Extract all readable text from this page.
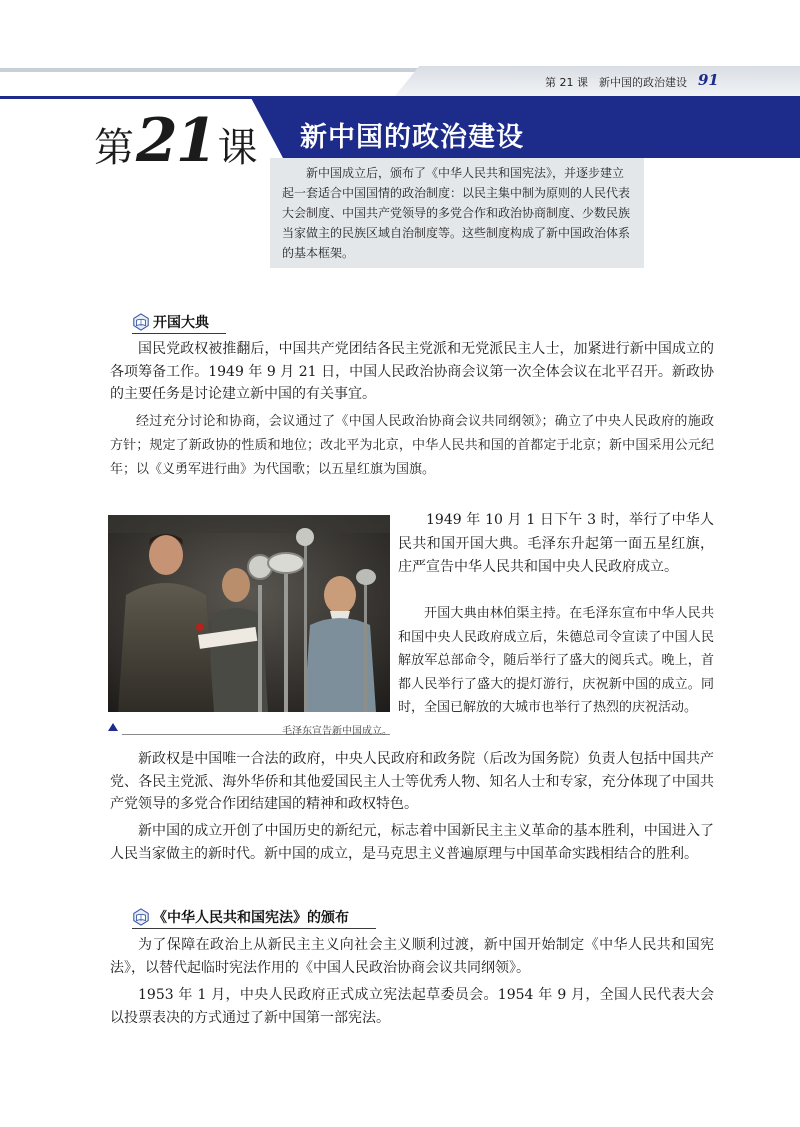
第 21 课　新中国的政治建设 91
新中国的政治建设
第21课

新中国成立后，颁布了《中华人民共和国宪法》，并逐步建立起一套适合中国国情的政治制度：以民主集中制为原则的人民代表大会制度、中国共产党领导的多党合作和政治协商制度、少数民族当家做主的民族区域自治制度等。这些制度构成了新中国政治体系的基本框架。

开国大典

国民党政权被推翻后，中国共产党团结各民主党派和无党派民主人士，加紧进行新中国成立的各项筹备工作。1949 年 9 月 21 日，中国人民政治协商会议第一次全体会议在北平召开。新政协的主要任务是讨论建立新中国的有关事宜。

经过充分讨论和协商，会议通过了《中国人民政治协商会议共同纲领》；确立了中央人民政府的施政方针；规定了新政协的性质和地位；改北平为北京，中华人民共和国的首都定于北京；新中国采用公元纪年；以《义勇军进行曲》为代国歌；以五星红旗为国旗。

毛泽东宣告新中国成立。

1949 年 10 月 1 日下午 3 时，举行了中华人民共和国开国大典。毛泽东升起第一面五星红旗，庄严宣告中华人民共和国中央人民政府成立。

开国大典由林伯渠主持。在毛泽东宣布中华人民共和国中央人民政府成立后，朱德总司令宣读了中国人民解放军总部命令，随后举行了盛大的阅兵式。晚上，首都人民举行了盛大的提灯游行，庆祝新中国的成立。同时，全国已解放的大城市也举行了热烈的庆祝活动。

新政权是中国唯一合法的政府，中央人民政府和政务院（后改为国务院）负责人包括中国共产党、各民主党派、海外华侨和其他爱国民主人士等优秀人物、知名人士和专家，充分体现了中国共产党领导的多党合作团结建国的精神和政权特色。

新中国的成立开创了中国历史的新纪元，标志着中国新民主主义革命的基本胜利，中国进入了人民当家做主的新时代。新中国的成立，是马克思主义普遍原理与中国革命实践相结合的胜利。

《中华人民共和国宪法》的颁布

为了保障在政治上从新民主主义向社会主义顺利过渡，新中国开始制定《中华人民共和国宪法》，以替代起临时宪法作用的《中国人民政治协商会议共同纲领》。

1953 年 1 月，中央人民政府正式成立宪法起草委员会。1954 年 9 月，全国人民代表大会以投票表决的方式通过了新中国第一部宪法。
